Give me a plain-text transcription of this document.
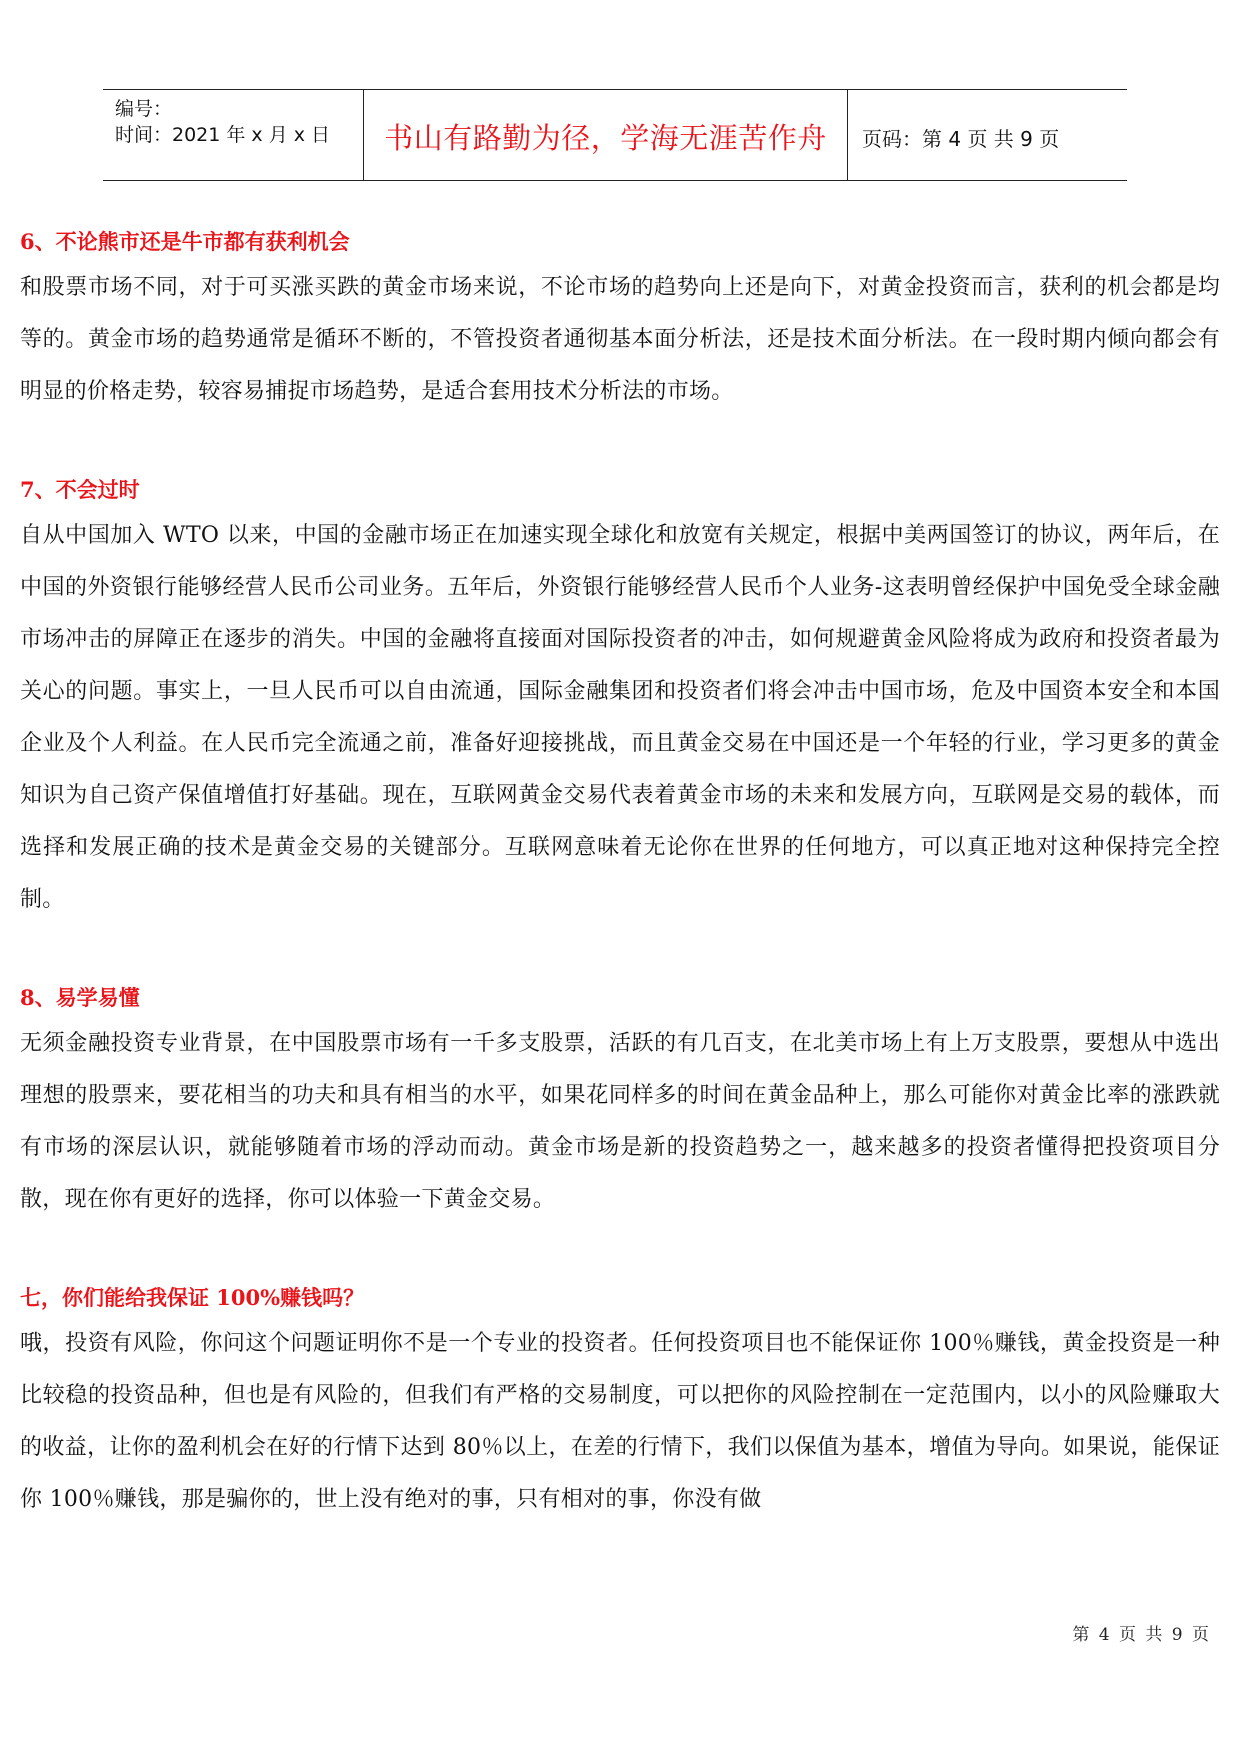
编号：
时间：2021 年 x 月 x 日	书山有路勤为径，学海无涯苦作舟	页码：第 4 页 共 9 页
6、不论熊市还是牛市都有获利机会

和股票市场不同，对于可买涨买跌的黄金市场来说，不论市场的趋势向上还是向下，对黄金投资而言，获利的机会都是均等的。黄金市场的趋势通常是循环不断的，不管投资者通彻基本面分析法，还是技术面分析法。在一段时期内倾向都会有明显的价格走势，较容易捕捉市场趋势，是适合套用技术分析法的市场。

7、不会过时

自从中国加入 WTO 以来，中国的金融市场正在加速实现全球化和放宽有关规定，根据中美两国签订的协议，两年后，在中国的外资银行能够经营人民币公司业务。五年后，外资银行能够经营人民币个人业务-这表明曾经保护中国免受全球金融市场冲击的屏障正在逐步的消失。中国的金融将直接面对国际投资者的冲击，如何规避黄金风险将成为政府和投资者最为关心的问题。事实上，一旦人民币可以自由流通，国际金融集团和投资者们将会冲击中国市场，危及中国资本安全和本国企业及个人利益。在人民币完全流通之前，准备好迎接挑战，而且黄金交易在中国还是一个年轻的行业，学习更多的黄金知识为自己资产保值增值打好基础。现在，互联网黄金交易代表着黄金市场的未来和发展方向，互联网是交易的载体，而选择和发展正确的技术是黄金交易的关键部分。互联网意味着无论你在世界的任何地方，可以真正地对这种保持完全控制。

8、易学易懂

无须金融投资专业背景，在中国股票市场有一千多支股票，活跃的有几百支，在北美市场上有上万支股票，要想从中选出理想的股票来，要花相当的功夫和具有相当的水平，如果花同样多的时间在黄金品种上，那么可能你对黄金比率的涨跌就有市场的深层认识，就能够随着市场的浮动而动。黄金市场是新的投资趋势之一，越来越多的投资者懂得把投资项目分散，现在你有更好的选择，你可以体验一下黄金交易。

七，你们能给我保证 100%赚钱吗？

哦，投资有风险，你问这个问题证明你不是一个专业的投资者。任何投资项目也不能保证你 100％赚钱，黄金投资是一种比较稳的投资品种，但也是有风险的，但我们有严格的交易制度，可以把你的风险控制在一定范围内，以小的风险赚取大的收益，让你的盈利机会在好的行情下达到 80％以上，在差的行情下，我们以保值为基本，增值为导向。如果说，能保证你 100％赚钱，那是骗你的，世上没有绝对的事，只有相对的事，你没有做

第 4 页 共 9 页
